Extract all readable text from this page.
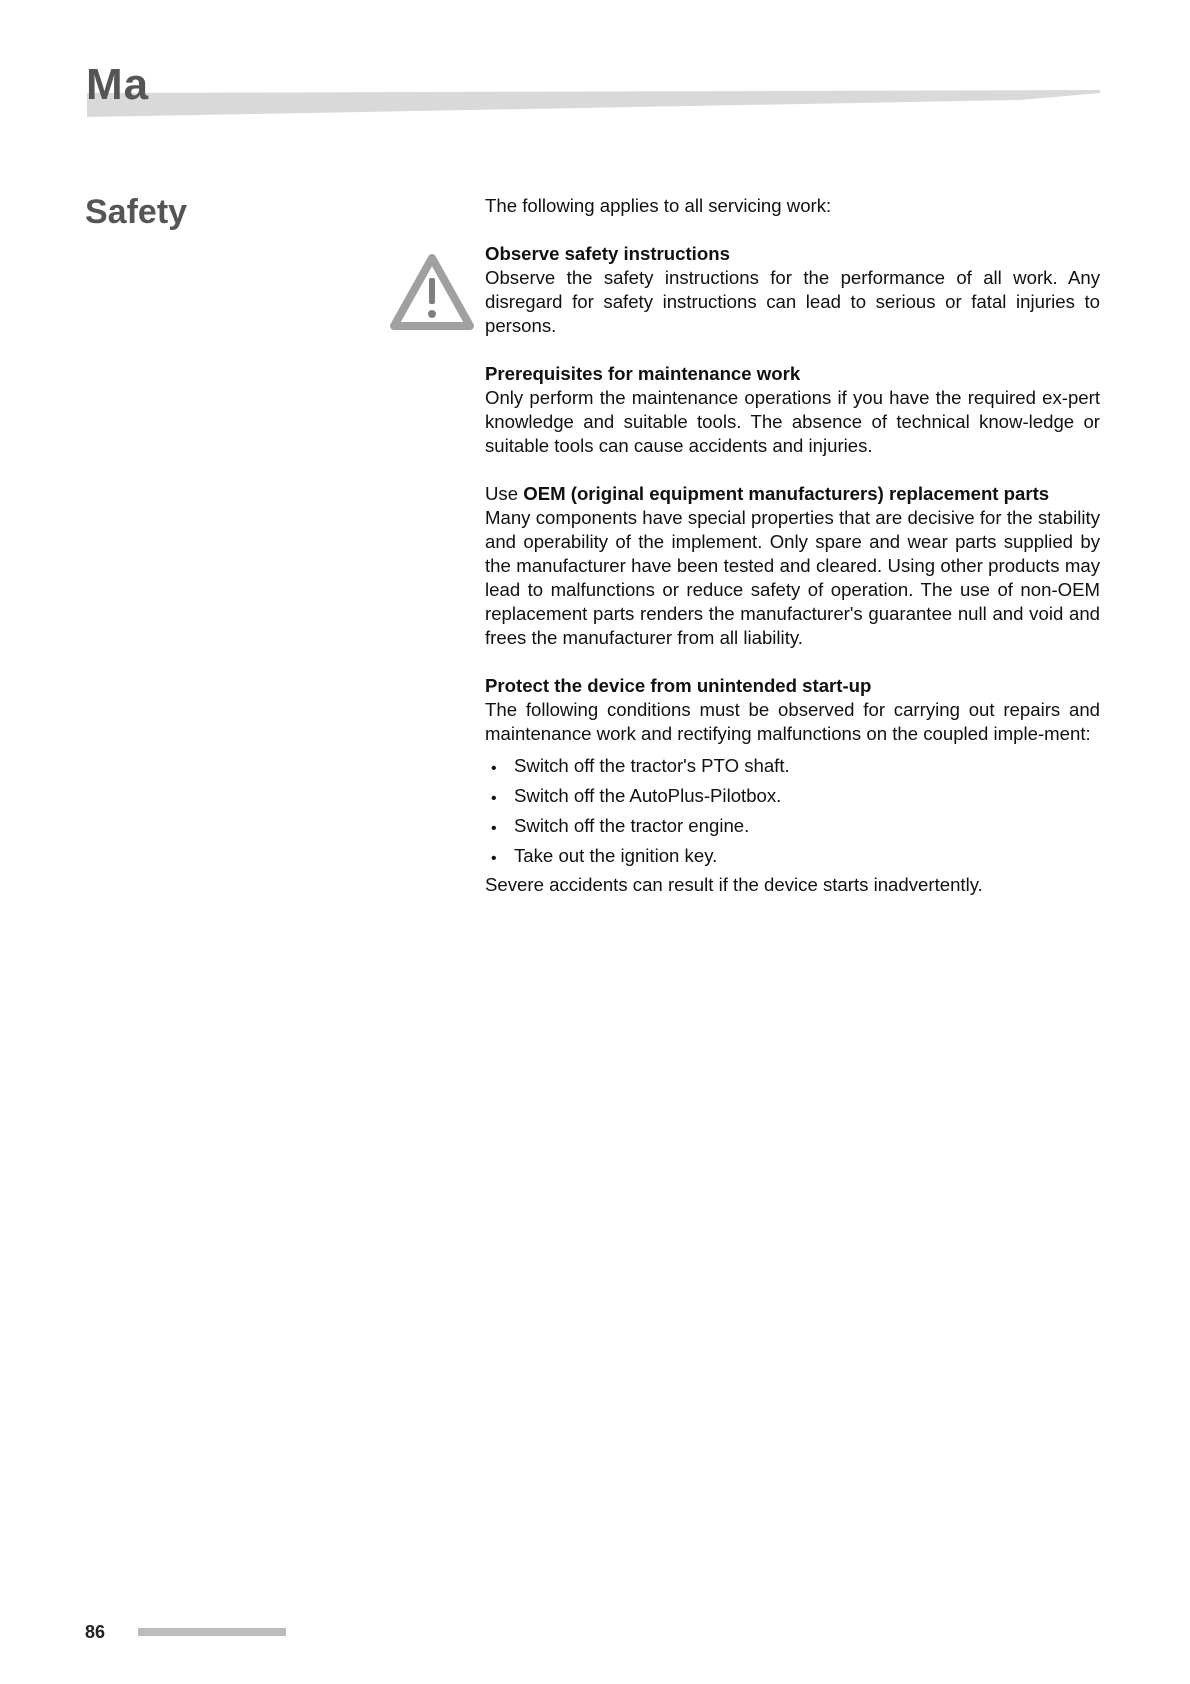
Ma
Safety	The following applies to all servicing work:

Observe safety instructions

Observe the safety instructions for the performance of all work. Any disregard for safety instructions can lead to serious or fatal injuries to persons.

Prerequisites for maintenance work

Only perform the maintenance operations if you have the required ex-pert knowledge and suitable tools. The absence of technical know-ledge or suitable tools can cause accidents and injuries.

Use OEM (original equipment manufacturers) replacement parts

Many components have special properties that are decisive for the stability and operability of the implement. Only spare and wear parts supplied by the manufacturer have been tested and cleared. Using other products may lead to malfunctions or reduce safety of operation. The use of non-OEM replacement parts renders the manufacturer's guarantee null and void and frees the manufacturer from all liability.

Protect the device from unintended start-up

The following conditions must be observed for carrying out repairs and maintenance work and rectifying malfunctions on the coupled imple-ment:

• Switch off the tractor's PTO shaft.
• Switch off the AutoPlus-Pilotbox.
• Switch off the tractor engine.
• Take out the ignition key.

Severe accidents can result if the device starts inadvertently.

86
